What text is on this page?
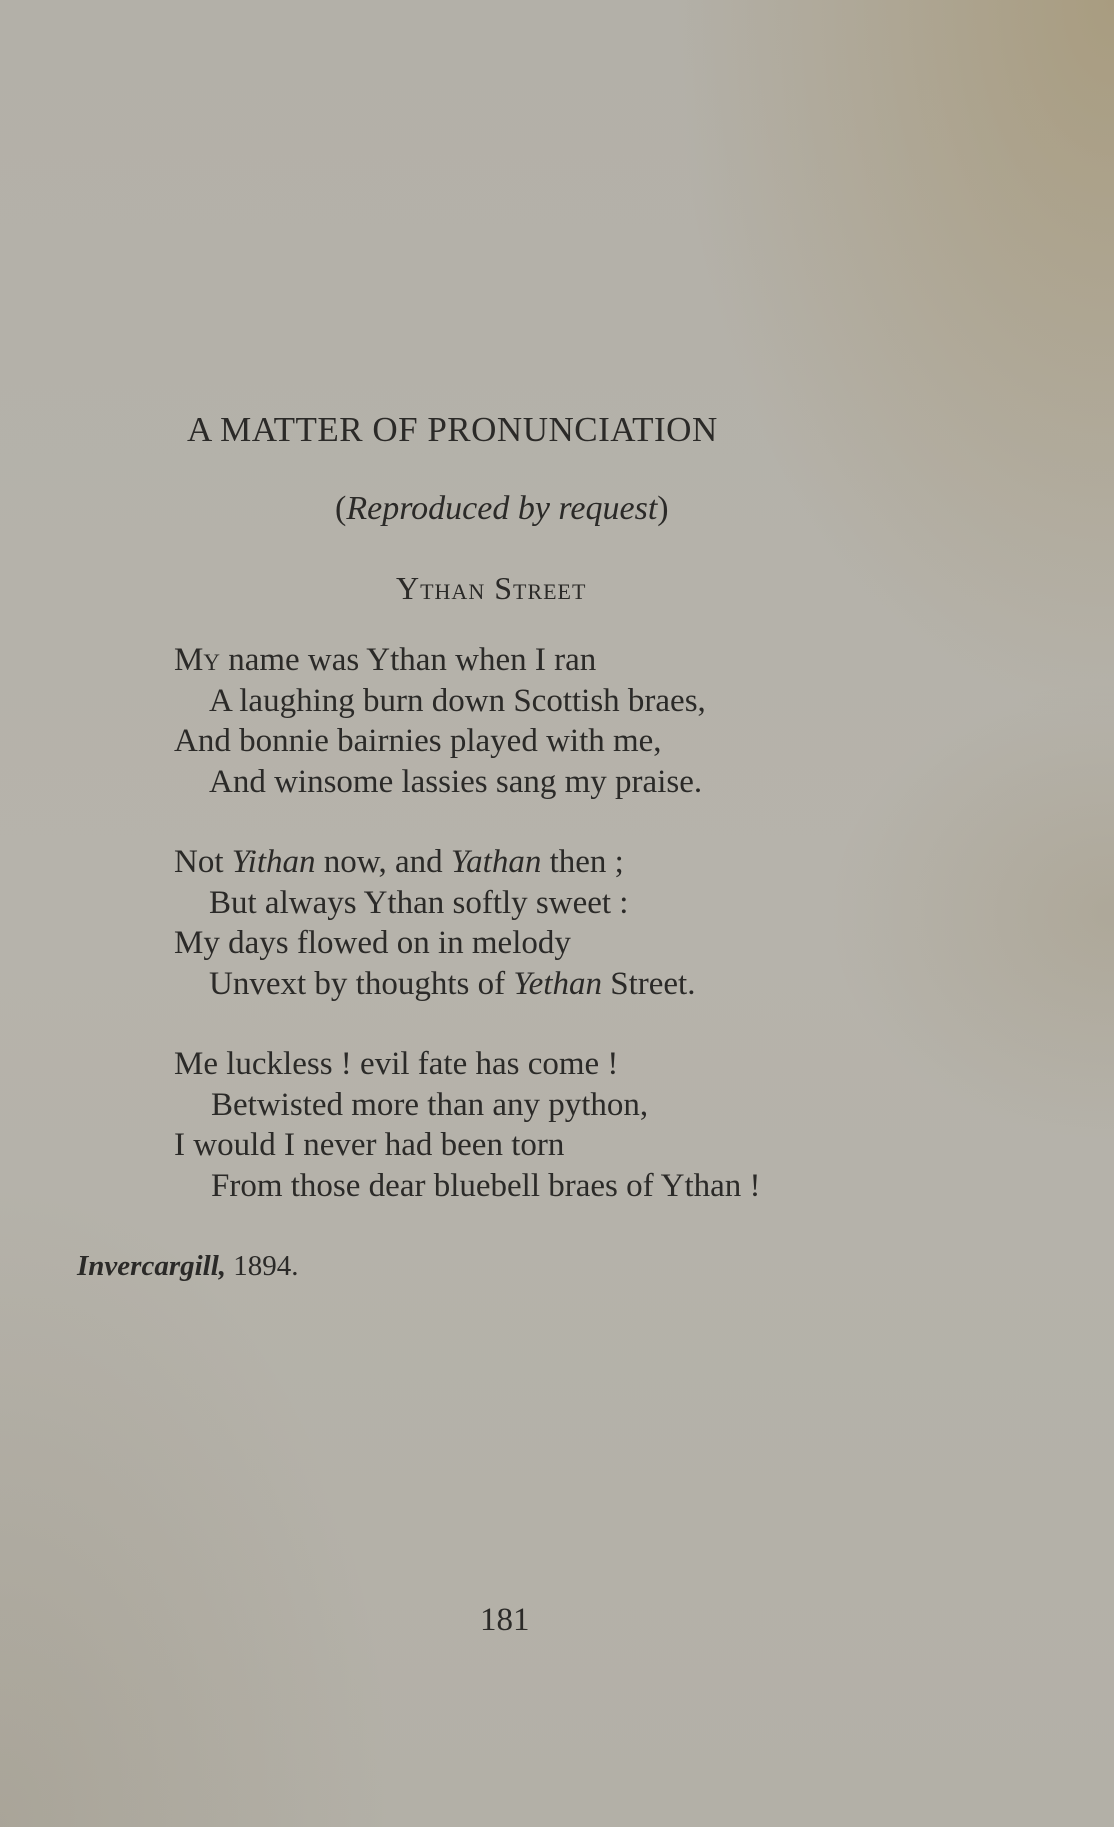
A MATTER OF PRONUNCIATION
(Reproduced by request)
Ythan Street
My name was Ythan when I ran
A laughing burn down Scottish braes,
And bonnie bairnies played with me,
And winsome lassies sang my praise.
Not Yithan now, and Yathan then ;
But always Ythan softly sweet :
My days flowed on in melody
Unvext by thoughts of Yethan Street.
Me luckless ! evil fate has come !
Betwisted more than any python,
I would I never had been torn
From those dear bluebell braes of Ythan !
Invercargill, 1894.
181
